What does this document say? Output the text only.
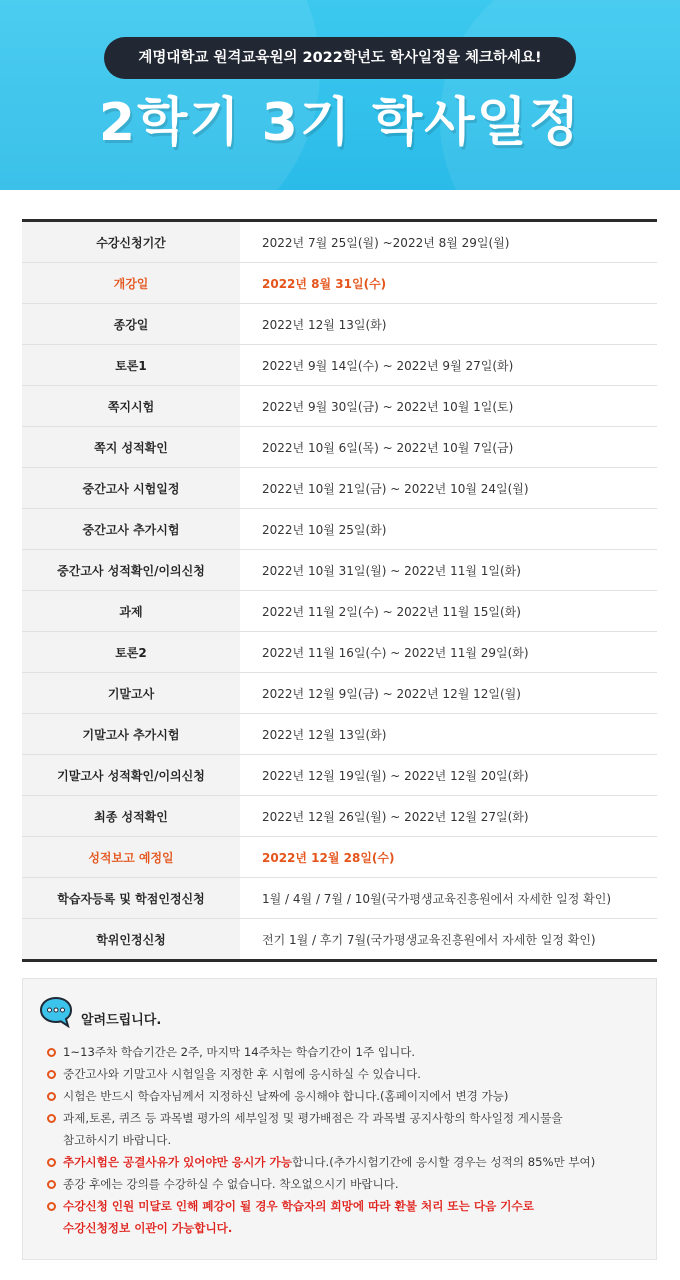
계명대학교 원격교육원의 2022학년도 학사일정을 체크하세요!
2학기 3기 학사일정
수강신청기간	2022년 7월 25일(월) ~2022년 8월 29일(월)
개강일	2022년 8월 31일(수)
종강일	2022년 12월 13일(화)
토론1	2022년 9월 14일(수) ~ 2022년 9월 27일(화)
쪽지시험	2022년 9월 30일(금) ~ 2022년 10월 1일(토)
쪽지 성적확인	2022년 10월 6일(목) ~ 2022년 10월 7일(금)
중간고사 시험일정	2022년 10월 21일(금) ~ 2022년 10월 24일(월)
중간고사 추가시험	2022년 10월 25일(화)
중간고사 성적확인/이의신청	2022년 10월 31일(월) ~ 2022년 11월 1일(화)
과제	2022년 11월 2일(수) ~ 2022년 11월 15일(화)
토론2	2022년 11월 16일(수) ~ 2022년 11월 29일(화)
기말고사	2022년 12월 9일(금) ~ 2022년 12월 12일(월)
기말고사 추가시험	2022년 12월 13일(화)
기말고사 성적확인/이의신청	2022년 12월 19일(월) ~ 2022년 12월 20일(화)
최종 성적확인	2022년 12월 26일(월) ~ 2022년 12월 27일(화)
성적보고 예정일	2022년 12월 28일(수)
학습자등록 및 학점인정신청	1월 / 4월 / 7월 / 10월(국가평생교육진흥원에서 자세한 일정 확인)
학위인정신청	전기 1월 / 후기 7월(국가평생교육진흥원에서 자세한 일정 확인)
알려드립니다.
1~13주차 학습기간은 2주, 마지막 14주차는 학습기간이 1주 입니다.
중간고사와 기말고사 시험일을 지정한 후 시험에 응시하실 수 있습니다.
시험은 반드시 학습자님께서 지정하신 날짜에 응시해야 합니다.(홈페이지에서 변경 가능)
과제,토론, 퀴즈 등 과목별 평가의 세부일정 및 평가배점은 각 과목별 공지사항의 학사일정 게시물을
참고하시기 바랍니다.
추가시험은 공결사유가 있어야만 응시가 가능합니다.(추가시험기간에 응시할 경우는 성적의 85%만 부여)
종강 후에는 강의를 수강하실 수 없습니다. 착오없으시기 바랍니다.
수강신청 인원 미달로 인해 폐강이 될 경우 학습자의 희망에 따라 환불 처리 또는 다음 기수로
수강신청정보 이관이 가능합니다.
